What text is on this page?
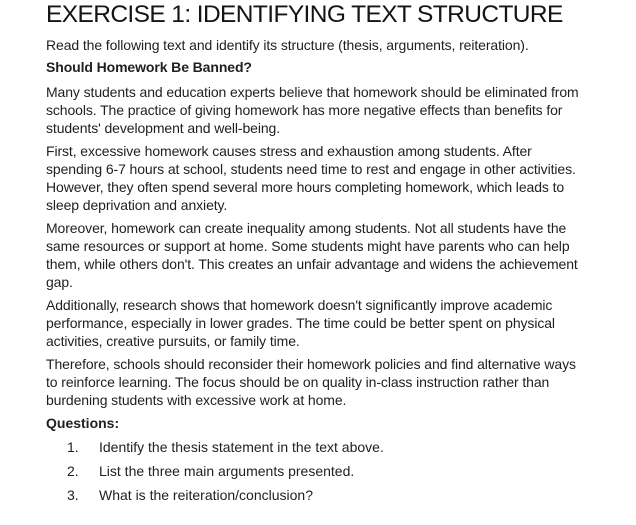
EXERCISE 1: IDENTIFYING TEXT STRUCTURE

Read the following text and identify its structure (thesis, arguments, reiteration).

Should Homework Be Banned?

Many students and education experts believe that homework should be eliminated from
schools. The practice of giving homework has more negative effects than benefits for
students' development and well-being.

First, excessive homework causes stress and exhaustion among students. After
spending 6-7 hours at school, students need time to rest and engage in other activities.
However, they often spend several more hours completing homework, which leads to
sleep deprivation and anxiety.

Moreover, homework can create inequality among students. Not all students have the
same resources or support at home. Some students might have parents who can help
them, while others don't. This creates an unfair advantage and widens the achievement
gap.

Additionally, research shows that homework doesn't significantly improve academic
performance, especially in lower grades. The time could be better spent on physical
activities, creative pursuits, or family time.

Therefore, schools should reconsider their homework policies and find alternative ways
to reinforce learning. The focus should be on quality in-class instruction rather than
burdening students with excessive work at home.

Questions:

1.	Identify the thesis statement in the text above.
2.	List the three main arguments presented.
3.	What is the reiteration/conclusion?
